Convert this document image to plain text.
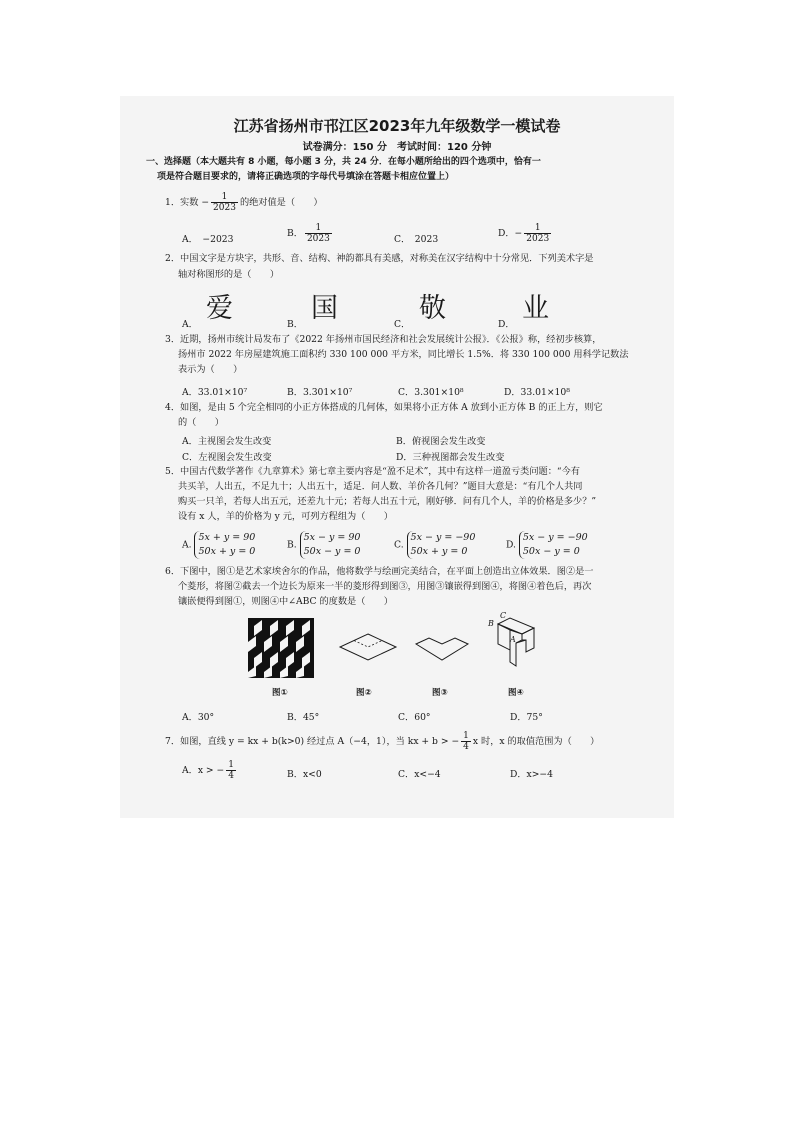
江苏省扬州市邗江区2023年九年级数学一模试卷
试卷满分：150 分　考试时间：120 分钟
一、选择题（本大题共有 8 小题，每小题 3 分，共 24 分．在每小题所给出的四个选项中，恰有一
项是符合题目要求的，请将正确选项的字母代号填涂在答题卡相应位置上）
1．实数 − $\frac{1}{2023}$ 的绝对值是（　　）
A．　−2023
B． $\frac{1}{2023}$	C．　2023
D．− $\frac{1}{2023}$
2．中国文字是方块字，共形、音、结构、神韵都具有美感，对称美在汉字结构中十分常见．下列美术字是
轴对称图形的是（　　）
爱	国	敬	业
A．	B．	C．	D．
3．近期，扬州市统计局发布了《2022 年扬州市国民经济和社会发展统计公报》．《公报》称，经初步核算，
扬州市 2022 年房屋建筑施工面积约 330 100 000 平方米，同比增长 1.5%．将 330 100 000 用科学记数法
表示为（　　）
A．33.01×10⁷	B．3.301×10⁷	C．3.301×10⁸	D．33.01×10⁸
4．如图，是由 5 个完全相同的小正方体搭成的几何体，如果将小正方体 A 放到小正方体 B 的正上方，则它
的（　　）
A．主视图会发生改变	B．俯视图会发生改变
C．左视图会发生改变	D．三种视图都会发生改变
5．中国古代数学著作《九章算术》第七章主要内容是“盈不足术”，其中有这样一道盈亏类问题：“今有
共买羊，人出五，不足九十；人出五十，适足．问人数、羊价各几何？”题目大意是：“有几个人共同
购买一只羊，若每人出五元，还差九十元；若每人出五十元，刚好够．问有几个人，羊的价格是多少？”
设有 x 人，羊的价格为 y 元，可列方程组为（　　）
A.
5x + y = 90
50x + y = 0
B.
5x − y = 90
50x − y = 0
C.
5x − y = −90
50x + y = 0
D.
5x − y = −90
50x − y = 0
6．下图中，图①是艺术家埃舍尔的作品，他将数学与绘画完美结合，在平面上创造出立体效果．图②是一
个菱形，将图②截去一个边长为原来一半的菱形得到图③，用图③镶嵌得到图④，将图④着色后，再次
镶嵌便得到图①，则图④中∠ABC 的度数是（　　）
B
C
A
图①	图②	图③	图④
A．30°	B．45°	C．60°	D．75°
7．如图，直线 y = kx + b(k>0) 经过点 A（−4，1），当 kx + b > − $\frac{1}{4}$ x 时，x 的取值范围为（　　）
A．x > − $\frac{1}{4}$	B．x<0	C．x<−4	D．x>−4
